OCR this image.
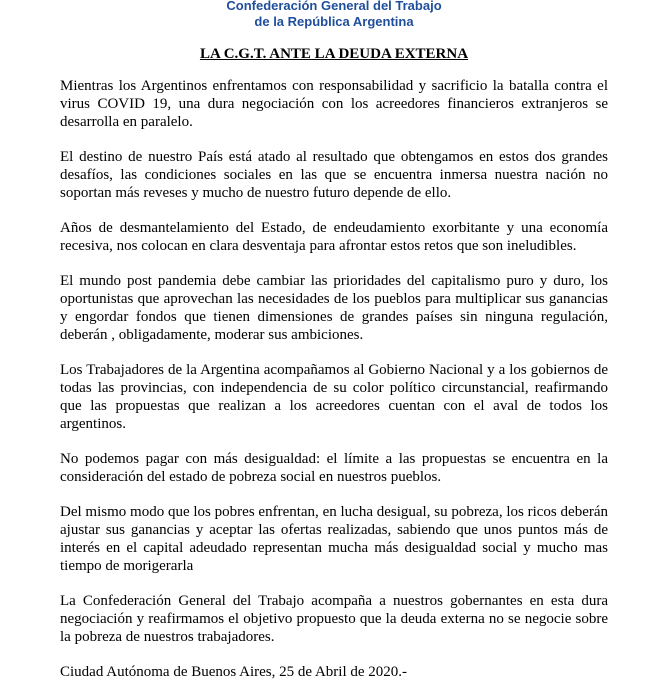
Confederación General del Trabajo
de la República Argentina
LA C.G.T. ANTE LA DEUDA EXTERNA

Mientras los Argentinos enfrentamos con responsabilidad y sacrificio la batalla contra el virus COVID 19, una dura negociación con los acreedores financieros extranjeros se desarrolla en paralelo.

El destino de nuestro País está atado al resultado que obtengamos en estos dos grandes desafíos, las condiciones sociales en las que se encuentra inmersa nuestra nación no soportan más reveses y mucho de nuestro futuro depende de ello.

Años de desmantelamiento del Estado, de endeudamiento exorbitante y una economía recesiva, nos colocan en clara desventaja para afrontar estos retos que son ineludibles.

El mundo post pandemia debe cambiar las prioridades del capitalismo puro y duro, los oportunistas que aprovechan las necesidades de los pueblos para multiplicar sus ganancias y engordar fondos que tienen dimensiones de grandes países sin ninguna regulación, deberán , obligadamente, moderar sus ambiciones.

Los Trabajadores de la Argentina acompañamos al Gobierno Nacional y a los gobiernos de todas las provincias, con independencia de su color político circunstancial, reafirmando que las propuestas que realizan a los acreedores cuentan con el aval de todos los argentinos.

No podemos pagar con más desigualdad: el límite a las propuestas se encuentra en la consideración del estado de pobreza social en nuestros pueblos.

Del mismo modo que los pobres enfrentan, en lucha desigual, su pobreza, los ricos deberán ajustar sus ganancias y aceptar las ofertas realizadas, sabiendo que unos puntos más de interés en el capital adeudado representan mucha más desigualdad social y mucho mas tiempo de morigerarla

La Confederación General del Trabajo acompaña a nuestros gobernantes en esta dura negociación y reafirmamos el objetivo propuesto que la deuda externa no se negocie sobre la pobreza de nuestros trabajadores.

Ciudad Autónoma de Buenos Aires, 25 de Abril de 2020.-
